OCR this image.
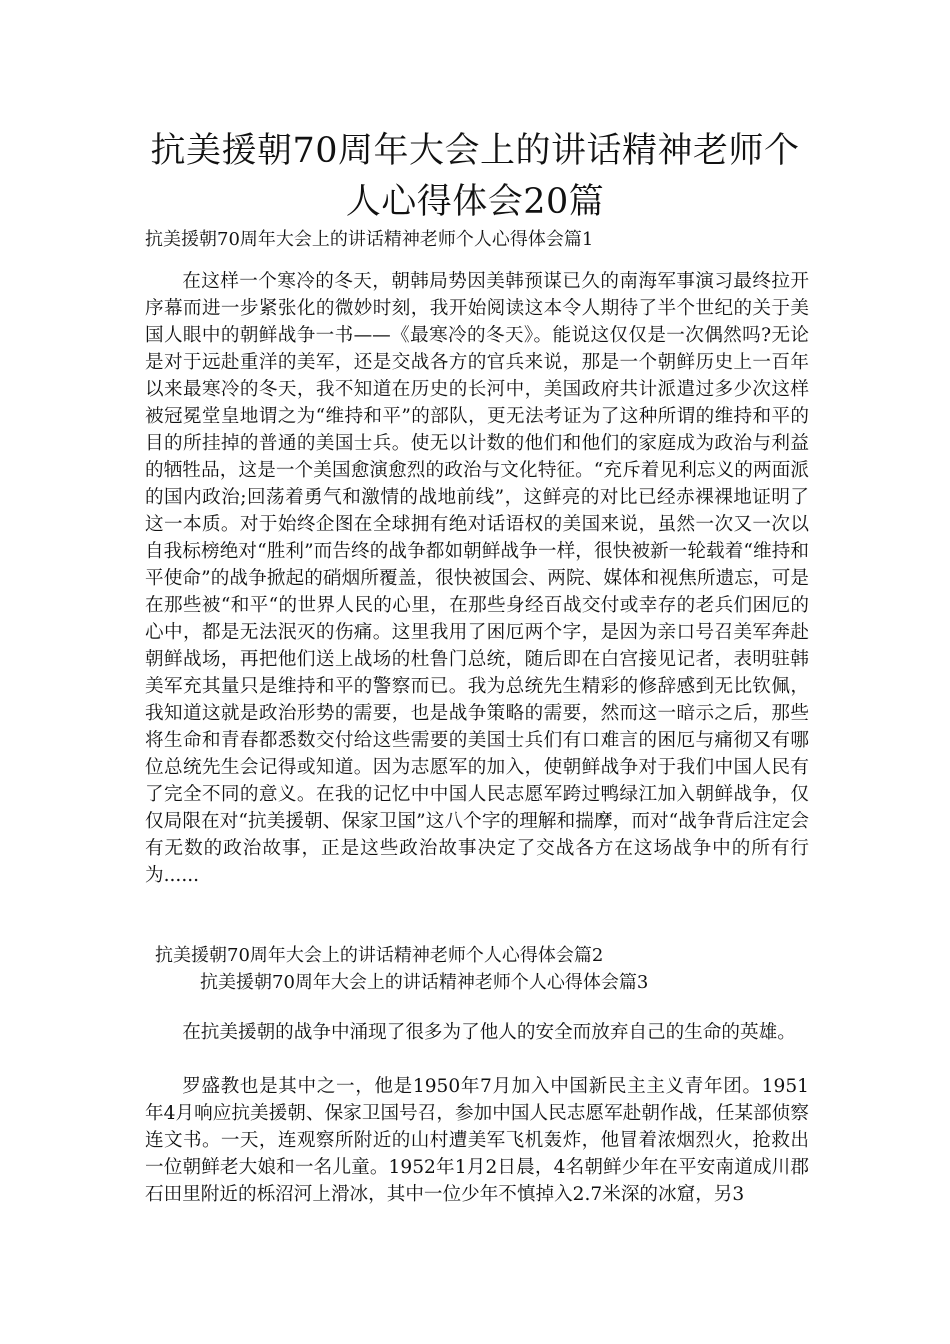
抗美援朝70周年大会上的讲话精神老师个人心得体会20篇

抗美援朝70周年大会上的讲话精神老师个人心得体会篇1

在这样一个寒冷的冬天，朝韩局势因美韩预谋已久的南海军事演习最终拉开序幕而进一步紧张化的微妙时刻，我开始阅读这本令人期待了半个世纪的关于美国人眼中的朝鲜战争一书——《最寒冷的冬天》。能说这仅仅是一次偶然吗?无论是对于远赴重洋的美军，还是交战各方的官兵来说，那是一个朝鲜历史上一百年以来最寒冷的冬天，我不知道在历史的长河中，美国政府共计派遣过多少次这样被冠冕堂皇地谓之为“维持和平”的部队，更无法考证为了这种所谓的维持和平的目的所挂掉的普通的美国士兵。使无以计数的他们和他们的家庭成为政治与利益的牺牲品，这是一个美国愈演愈烈的政治与文化特征。“充斥着见利忘义的两面派的国内政治;回荡着勇气和激情的战地前线”，这鲜亮的对比已经赤裸裸地证明了这一本质。对于始终企图在全球拥有绝对话语权的美国来说，虽然一次又一次以自我标榜绝对“胜利”而告终的战争都如朝鲜战争一样，很快被新一轮载着“维持和平使命”的战争掀起的硝烟所覆盖，很快被国会、两院、媒体和视焦所遗忘，可是在那些被“和平“的世界人民的心里，在那些身经百战交付或幸存的老兵们困厄的心中，都是无法泯灭的伤痛。这里我用了困厄两个字，是因为亲口号召美军奔赴朝鲜战场，再把他们送上战场的杜鲁门总统，随后即在白宫接见记者，表明驻韩美军充其量只是维持和平的警察而已。我为总统先生精彩的修辞感到无比钦佩，我知道这就是政治形势的需要，也是战争策略的需要，然而这一暗示之后，那些将生命和青春都悉数交付给这些需要的美国士兵们有口难言的困厄与痛彻又有哪位总统先生会记得或知道。因为志愿军的加入，使朝鲜战争对于我们中国人民有了完全不同的意义。在我的记忆中中国人民志愿军跨过鸭绿江加入朝鲜战争，仅仅局限在对“抗美援朝、保家卫国”这八个字的理解和揣摩，而对“战争背后注定会有无数的政治故事，正是这些政治故事决定了交战各方在这场战争中的所有行为......

抗美援朝70周年大会上的讲话精神老师个人心得体会篇2

抗美援朝70周年大会上的讲话精神老师个人心得体会篇3

在抗美援朝的战争中涌现了很多为了他人的安全而放弃自己的生命的英雄。

罗盛教也是其中之一，他是1950年7月加入中国新民主主义青年团。1951年4月响应抗美援朝、保家卫国号召，参加中国人民志愿军赴朝作战，任某部侦察连文书。一天，连观察所附近的山村遭美军飞机轰炸，他冒着浓烟烈火，抢救出一位朝鲜老大娘和一名儿童。1952年1月2日晨，4名朝鲜少年在平安南道成川郡石田里附近的栎沼河上滑冰，其中一位少年不慎掉入2.7米深的冰窟，另3
